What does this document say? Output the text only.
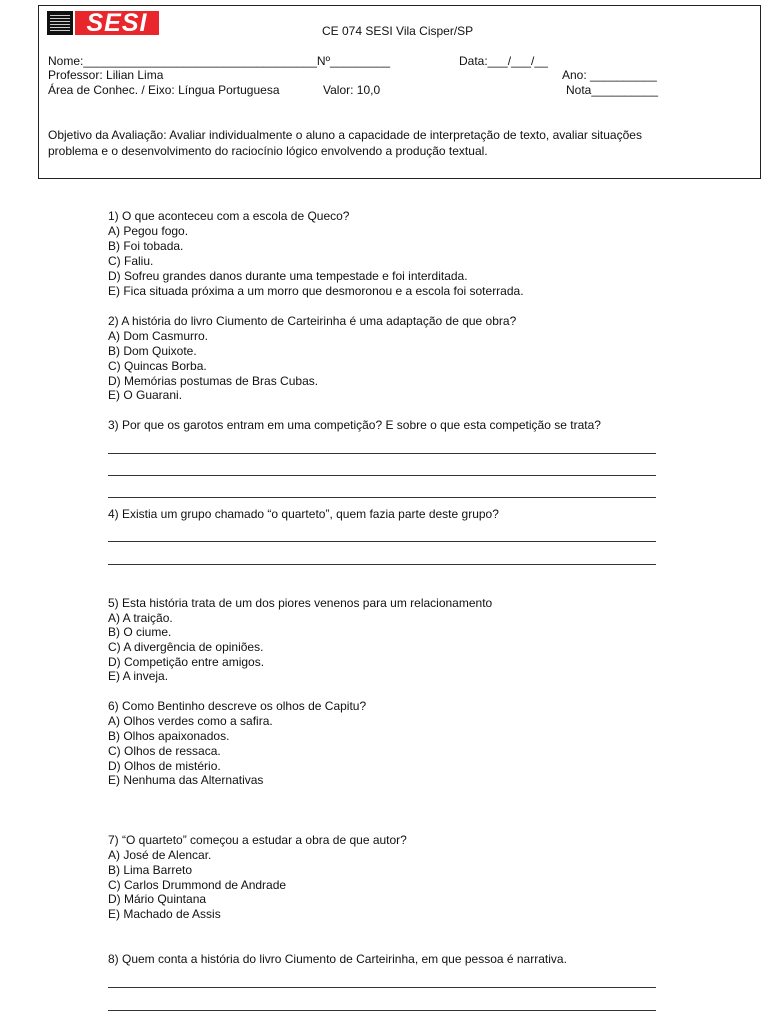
SESI	CE 074 SESI Vila Cisper/SP
Nome:___________________________________Nº_________	Data:___/___/__
Professor: Lilian Lima	Ano: __________
Área de Conhec. / Eixo: Língua Portuguesa	Valor: 10,0	Nota__________
Objetivo da Avaliação: Avaliar individualmente o aluno a capacidade de interpretação de texto, avaliar situações
problema e o desenvolvimento do raciocínio lógico envolvendo a produção textual.
1) O que aconteceu com a escola de Queco?
A) Pegou fogo.
B) Foi tobada.
C) Faliu.
D) Sofreu grandes danos durante uma tempestade e foi interditada.
E) Fica situada próxima a um morro que desmoronou e a escola foi soterrada.
2) A história do livro Ciumento de Carteirinha é uma adaptação de que obra?
A) Dom Casmurro.
B) Dom Quixote.
C) Quincas Borba.
D) Memórias postumas de Bras Cubas.
E) O Guarani.
3) Por que os garotos entram em uma competição? E sobre o que esta competição se trata?
4) Existia um grupo chamado “o quarteto”, quem fazia parte deste grupo?
5) Esta história trata de um dos piores venenos para um relacionamento
A) A traição.
B) O ciume.
C) A divergência de opiniões.
D) Competição entre amigos.
E) A inveja.
6) Como Bentinho descreve os olhos de Capitu?
A) Olhos verdes como a safira.
B) Olhos apaixonados.
C) Olhos de ressaca.
D) Olhos de mistério.
E) Nenhuma das Alternativas
7) “O quarteto” começou a estudar a obra de que autor?
A) José de Alencar.
B) Lima Barreto
C) Carlos Drummond de Andrade
D) Mário Quintana
E) Machado de Assis
8) Quem conta a história do livro Ciumento de Carteirinha, em que pessoa é narrativa.
